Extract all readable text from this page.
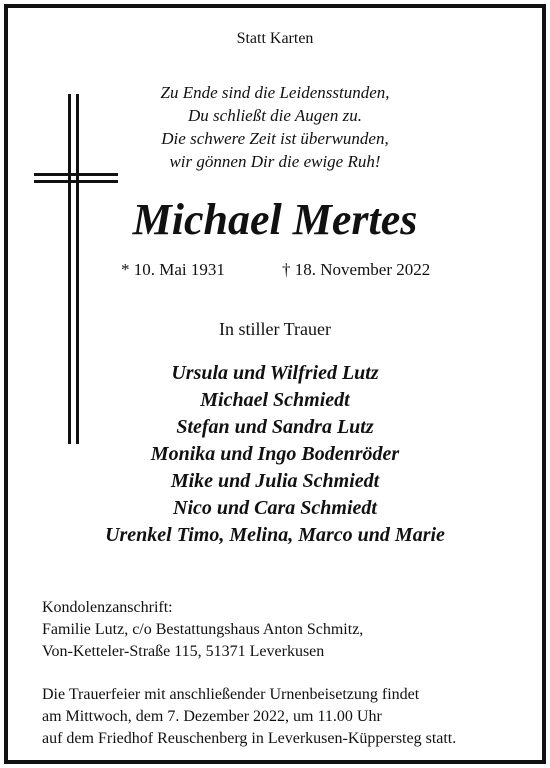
Statt Karten
Zu Ende sind die Leidensstunden,
Du schließt die Augen zu.
Die schwere Zeit ist überwunden,
wir gönnen Dir die ewige Ruh!
Michael Mertes
* 10. Mai 1931	† 18. November 2022
In stiller Trauer
Ursula und Wilfried Lutz
Michael Schmiedt
Stefan und Sandra Lutz
Monika und Ingo Bodenröder
Mike und Julia Schmiedt
Nico und Cara Schmiedt
Urenkel Timo, Melina, Marco und Marie
Kondolenzanschrift:
Familie Lutz, c/o Bestattungshaus Anton Schmitz,
Von-Ketteler-Straße 115, 51371 Leverkusen
Die Trauerfeier mit anschließender Urnenbeisetzung findet
am Mittwoch, dem 7. Dezember 2022, um 11.00 Uhr
auf dem Friedhof Reuschenberg in Leverkusen-Küppersteg statt.
